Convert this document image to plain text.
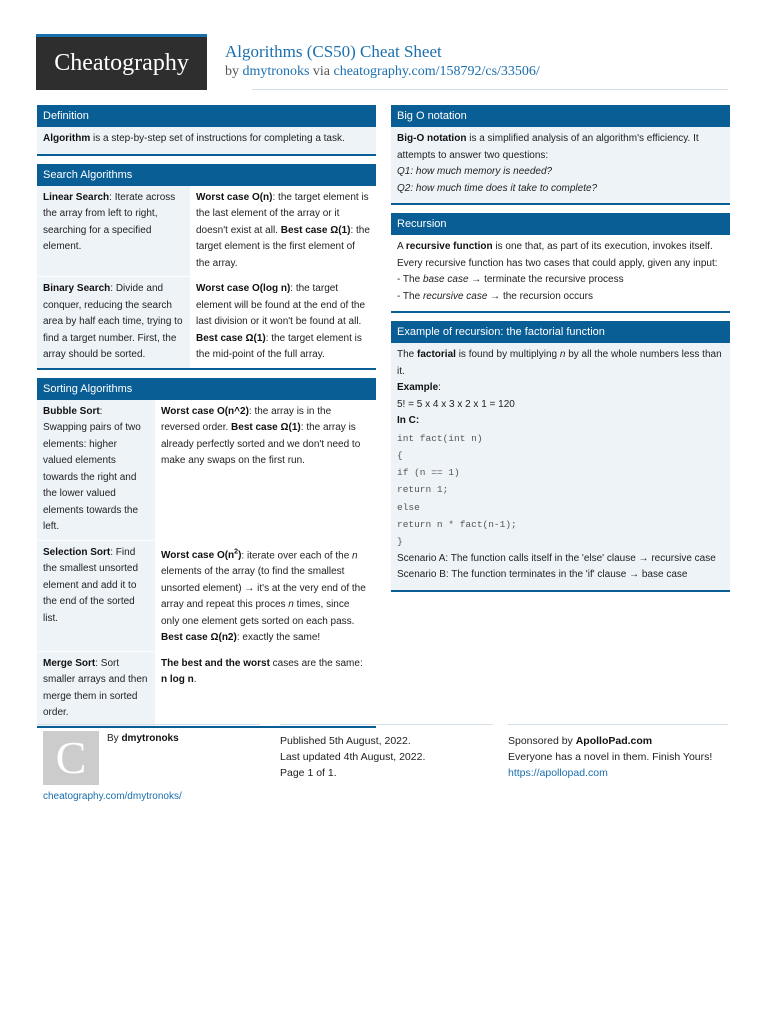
Cheatography	Algorithms (CS50) Cheat Sheet
by dmytronoks via cheatography.com/158792/cs/33506/
Definition
Algorithm is a step-by-step set of instructions for completing a task.
Search Algorithms
Linear Search: Iterate across the array from left to right, searching for a specified element.
Worst case O(n): the target element is the last element of the array or it doesn't exist at all. Best case Ω(1): the target element is the first element of the array.
Binary Search: Divide and conquer, reducing the search area by half each time, trying to find a target number. First, the array should be sorted.
Worst case O(log n): the target element will be found at the end of the last division or it won't be found at all. Best case Ω(1): the target element is the mid-point of the full array.
Sorting Algorithms
Bubble Sort: Swapping pairs of two elements: higher valued elements towards the right and the lower valued elements towards the left.
Worst case O(n^2): the array is in the reversed order. Best case Ω(1): the array is already perfectly sorted and we don't need to make any swaps on the first run.
Selection Sort: Find the smallest unsorted element and add it to the end of the sorted list.
Worst case $O(n^2)$: iterate over each of the n elements of the array (to find the smallest unsorted element) → it's at the very end of the array and repeat this proces n times, since only one element gets sorted on each pass. Best case Ω(n2): exactly the same!
Merge Sort: Sort smaller arrays and then merge them in sorted order.
The best and the worst cases are the same: n log n.
Big O notation
Big-O notation is a simplified analysis of an algorithm's efficiency. It attempts to answer two questions:
Q1: how much memory is needed?
Q2: how much time does it take to complete?
Recursion
A recursive function is one that, as part of its execution, invokes itself.
Every recursive function has two cases that could apply, given any input:
- The base case → terminate the recursive process
- The recursive case → the recursion occurs
Example of recursion: the factorial function
The factorial is found by multiplying n by all the whole numbers less than it.
Example:
5! = 5 x 4 x 3 x 2 x 1 = 120
In C:
int fact(int n)
{
if (n == 1)
return 1;
else
return n * fact(n-1);
}
Scenario A: The function calls itself in the 'else' clause → recursive case
Scenario B: The function terminates in the 'if' clause → base case
C	By dmytronoks
cheatography.com/dmytronoks/
Published 5th August, 2022.
Last updated 4th August, 2022.
Page 1 of 1.
Sponsored by ApolloPad.com
Everyone has a novel in them. Finish Yours!
https://apollopad.com
